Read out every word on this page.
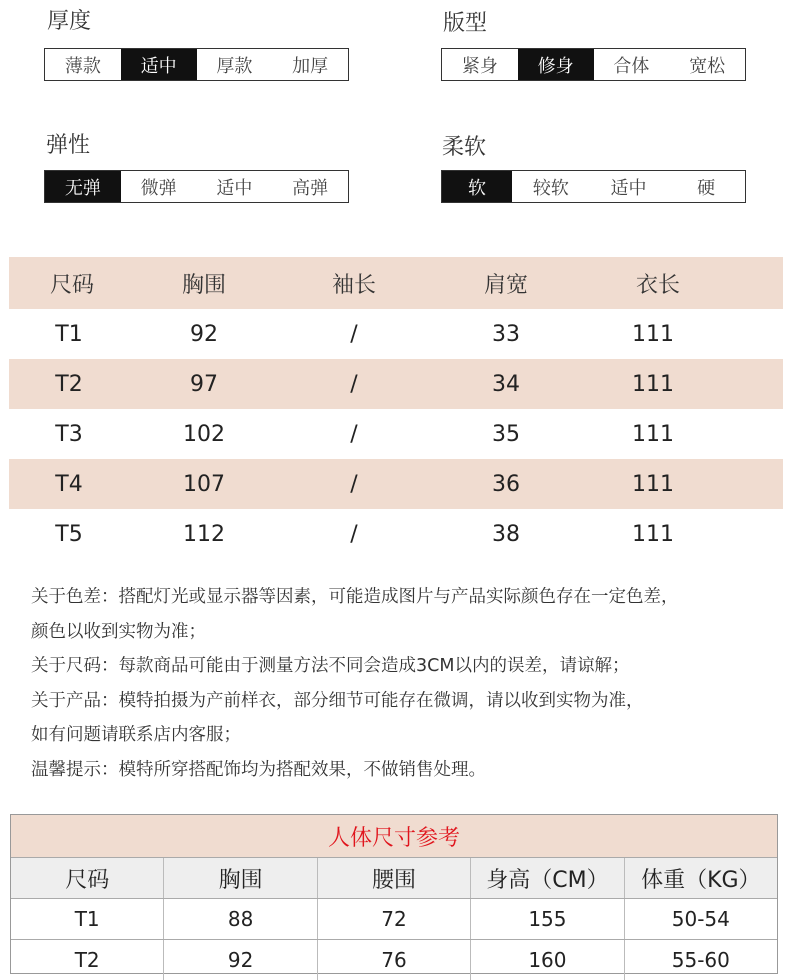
厚度
薄款	适中	厚款	加厚
版型
紧身	修身	合体	宽松
弹性
无弹	微弹	适中	高弹
柔软
软	较软	适中	硬
尺码	胸围	袖长	肩宽	衣长
T1	92	/	33	111
T2	97	/	34	111
T3	102	/	35	111
T4	107	/	36	111
T5	112	/	38	111
关于色差：搭配灯光或显示器等因素，可能造成图片与产品实际颜色存在一定色差，
颜色以收到实物为准；
关于尺码：每款商品可能由于测量方法不同会造成3CM以内的误差，请谅解；
关于产品：模特拍摄为产前样衣，部分细节可能存在微调，请以收到实物为准，
如有问题请联系店内客服；
温馨提示：模特所穿搭配饰均为搭配效果，不做销售处理。
人体尺寸参考
尺码	胸围	腰围	身高（CM）	体重（KG）
T1	88	72	155	50-54
T2	92	76	160	55-60
